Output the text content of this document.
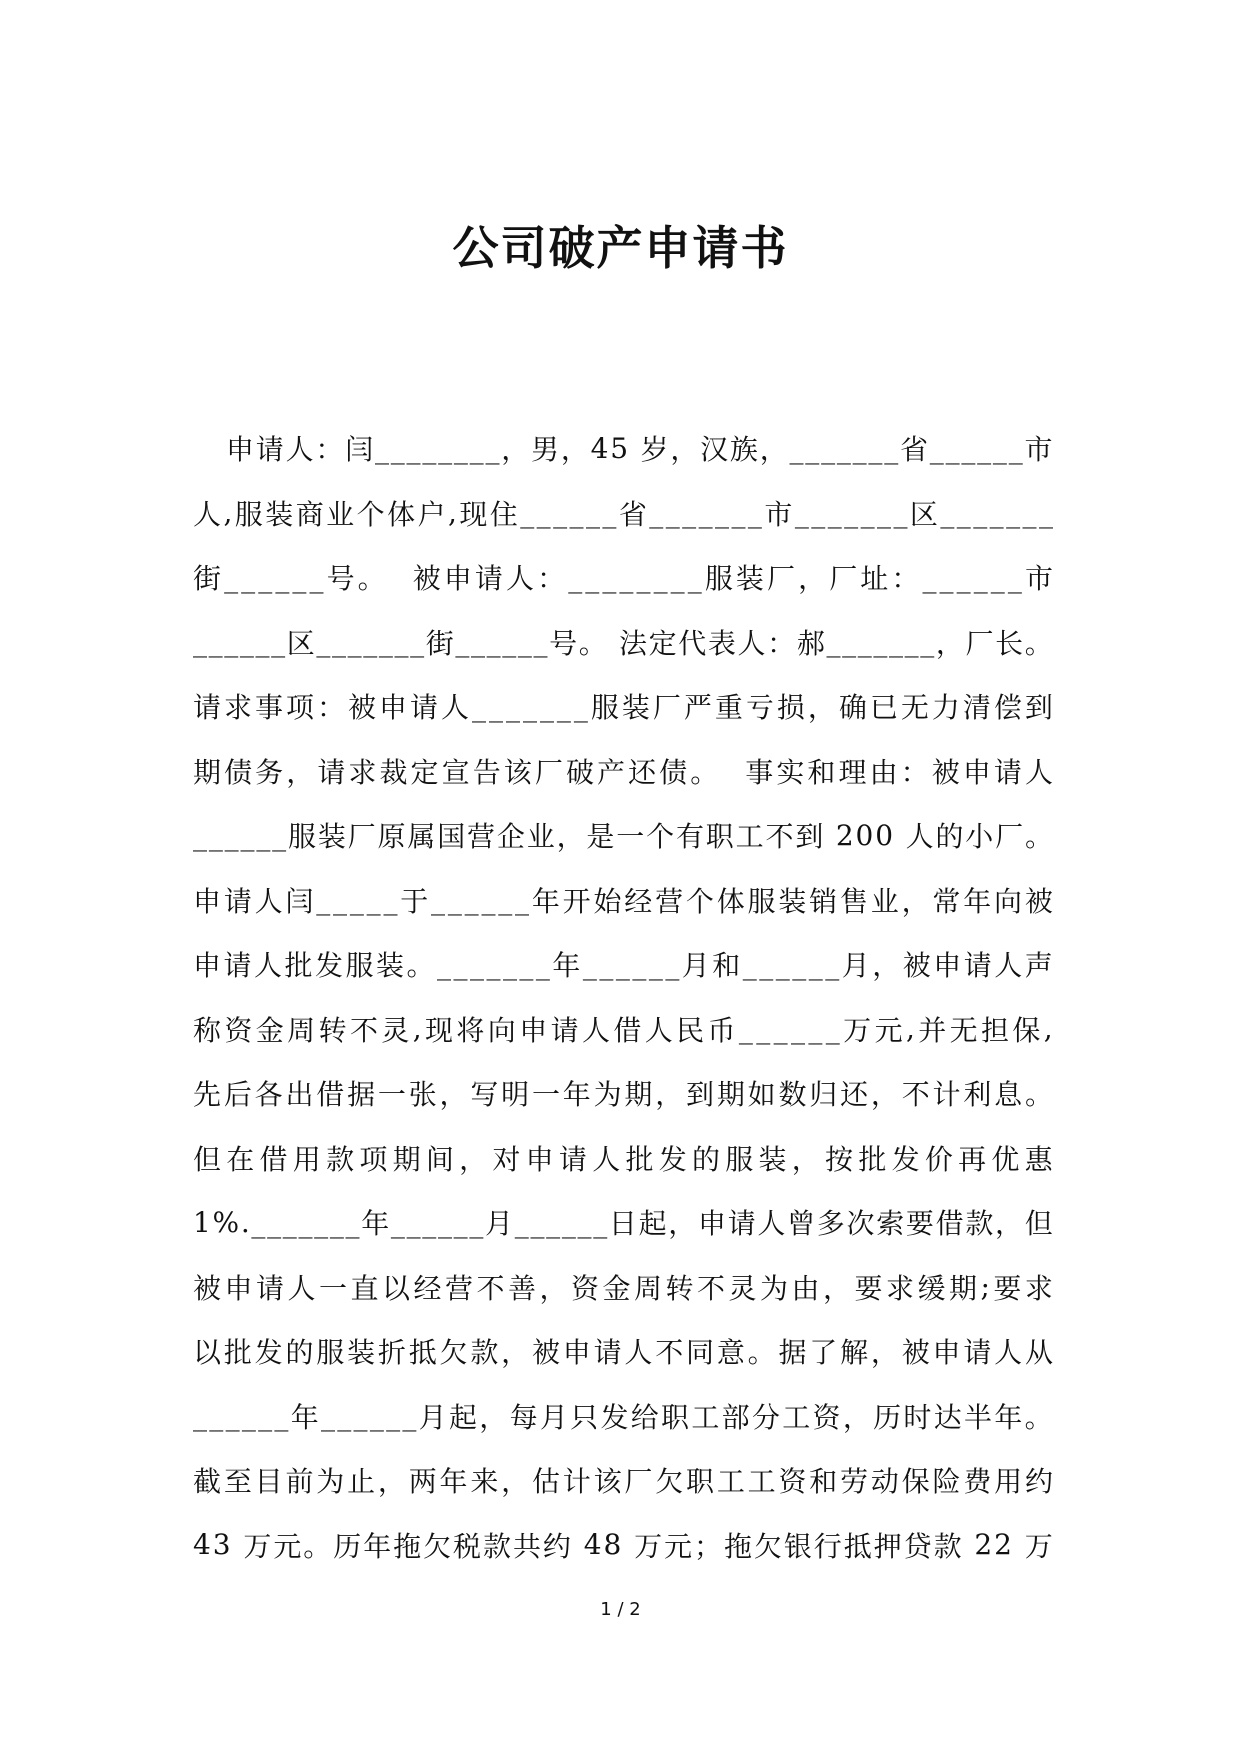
公司破产申请书
申 请 人 ： 闫 _ _ _ _ _ _ _ _ ， 男 ， 4 5
岁 ， 汉 族 ， _ _ _ _ _ _ _ 省 _ _ _ _ _ _ 市
人 , 服 装 商 业 个 体 户 , 现 住 _ _ _ _ _ _ 省 _ _ _ _ _ _ _ 市 _ _ _ _ _ _ _ 区 _ _ _ _ _ _ _
街 _ _ _ _ _ _ 号 。

被 申 请 人 ： _ _ _ _ _ _ _ _ 服 装 厂 ， 厂 址 ： _ _ _ _ _ _ 市
_ _ _ _ _ _ 区 _ _ _ _ _ _ _ 街 _ _ _ _ _ _ 号 。
法 定 代 表 人 ： 郝 _ _ _ _ _ _ _ ， 厂 长 。
请 求 事 项 ： 被 申 请 人 _ _ _ _ _ _ _ 服 装 厂 严 重 亏 损 ， 确 已 无 力 清 偿 到
期 债 务 ， 请 求 裁 定 宣 告 该 厂 破 产 还 债 。

事 实 和 理 由 ： 被 申 请 人
_ _ _ _ _ _ 服 装 厂 原 属 国 营 企 业 ， 是 一 个 有 职 工 不 到
2 0 0
人 的 小 厂 。
申 请 人 闫 _ _ _ _ _ 于 _ _ _ _ _ _ 年 开 始 经 营 个 体 服 装 销 售 业 ， 常 年 向 被
申 请 人 批 发 服 装 。 _ _ _ _ _ _ _ 年 _ _ _ _ _ _ 月 和 _ _ _ _ _ _ 月 ， 被 申 请 人 声
称 资 金 周 转 不 灵 , 现 将 向 申 请 人 借 人 民 币 _ _ _ _ _ _ 万 元 , 并 无 担 保 ,
先 后 各 出 借 据 一 张 ， 写 明 一 年 为 期 ， 到 期 如 数 归 还 ， 不 计 利 息 。
但 在 借 用 款 项 期 间 ， 对 申 请 人 批 发 的 服 装 ， 按 批 发 价 再 优 惠
1 % . _ _ _ _ _ _ _ 年 _ _ _ _ _ _ 月 _ _ _ _ _ _ 日 起 ， 申 请 人 曾 多 次 索 要 借 款 ， 但
被 申 请 人 一 直 以 经 营 不 善 ， 资 金 周 转 不 灵 为 由 ， 要 求 缓 期 ; 要 求
以 批 发 的 服 装 折 抵 欠 款 ， 被 申 请 人 不 同 意 。 据 了 解 ， 被 申 请 人 从
_ _ _ _ _ _ 年 _ _ _ _ _ _ 月 起 ， 每 月 只 发 给 职 工 部 分 工 资 ， 历 时 达 半 年 。
截 至 目 前 为 止 ， 两 年 来 ， 估 计 该 厂 欠 职 工 工 资 和 劳 动 保 险 费 用 约
4 3
万 元 。 历 年 拖 欠 税 款 共 约
4 8
万 元 ； 拖 欠 银 行 抵 押 贷 款
2 2
万
1 / 2
